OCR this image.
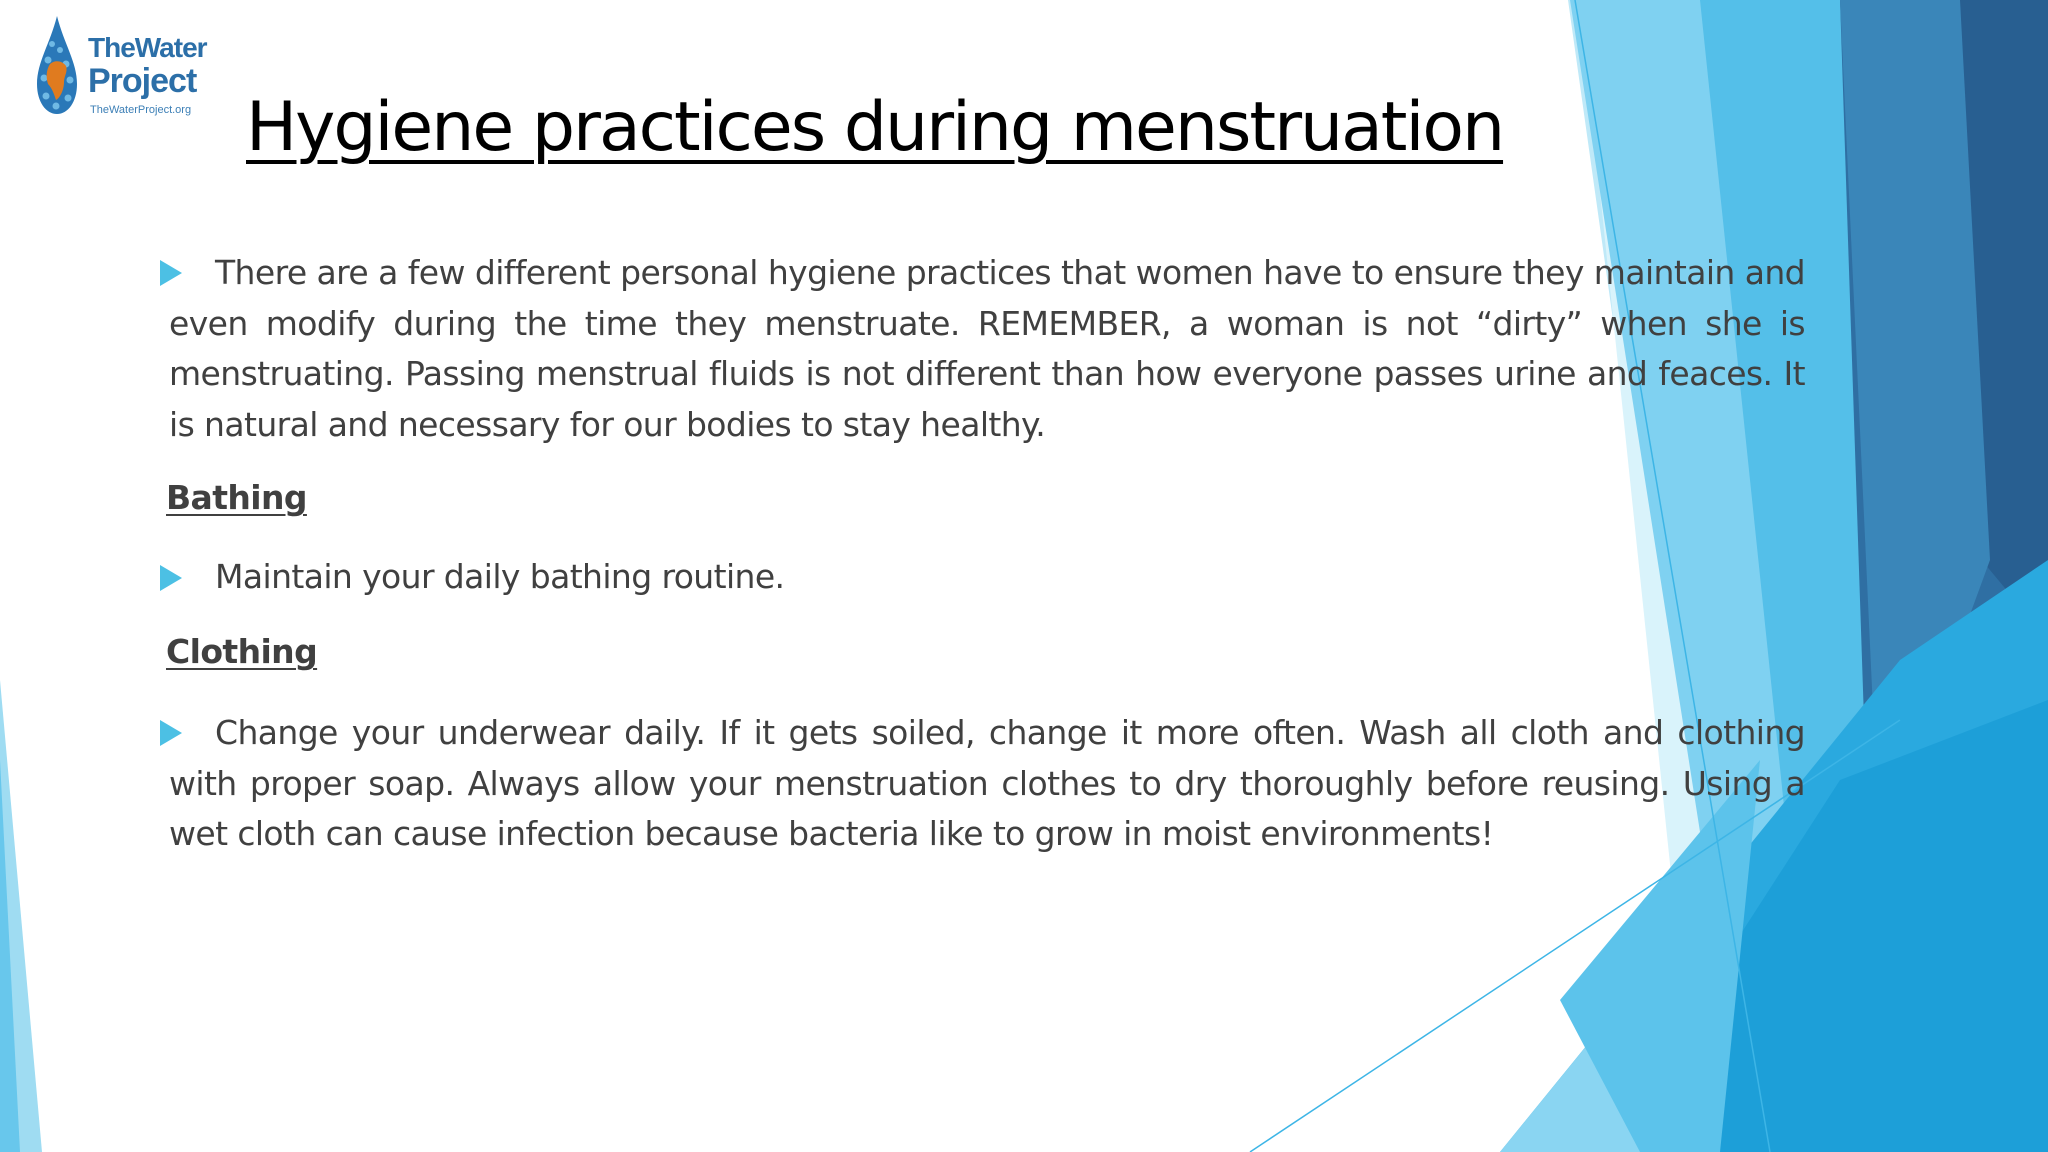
TheWater
Project
TheWaterProject.org Hygiene practices during menstruation

There are a few different personal hygiene practices that women have to ensure they maintain and even modify during the time they menstruate. REMEMBER, a woman is not “dirty” when she is menstruating. Passing menstrual fluids is not different than how everyone passes urine and feaces. It is natural and necessary for our bodies to stay healthy.

Bathing

Maintain your daily bathing routine.

Clothing

Change your underwear daily. If it gets soiled, change it more often. Wash all cloth and clothing with proper soap. Always allow your menstruation clothes to dry thoroughly before reusing. Using a wet cloth can cause infection because bacteria like to grow in moist environments!
